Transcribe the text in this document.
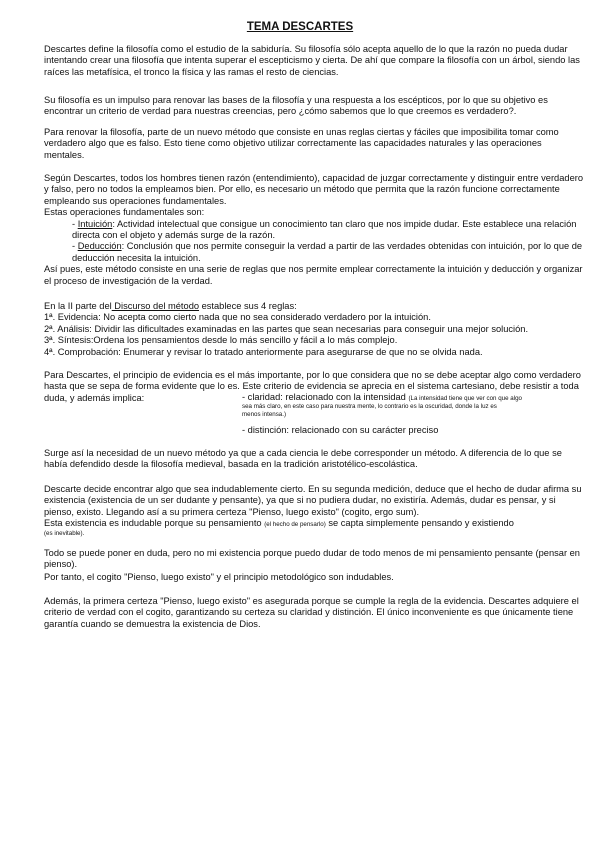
TEMA DESCARTES

Descartes define la filosofía como el estudio de la sabiduría. Su filosofía sólo acepta aquello de lo que la razón no pueda dudar intentando crear una filosofía que intenta superar el escepticismo y cierta. De ahí que compare la filosofía con un árbol, siendo las raíces las metafísica, el tronco la física y las ramas el resto de ciencias.

Su filosofía es un impulso para renovar las bases de la filosofía y una respuesta a los escépticos, por lo que su objetivo es encontrar un criterio de verdad para nuestras creencias, pero ¿cómo sabemos que lo que creemos es verdadero?.

Para renovar la filosofía, parte de un nuevo método que consiste en unas reglas ciertas y fáciles que imposibilita tomar como verdadero algo que es falso. Esto tiene como objetivo utilizar correctamente las capacidades naturales y las operaciones mentales.

Según Descartes, todos los hombres tienen razón (entendimiento), capacidad de juzgar correctamente y distinguir entre verdadero y falso, pero no todos la empleamos bien. Por ello, es necesario un método que permita que la razón funcione correctamente empleando sus operaciones fundamentales.

Estas operaciones fundamentales son:

- Intuición: Actividad intelectual que consigue un conocimiento tan claro que nos impide dudar. Este establece una relación directa con el objeto y además surge de la razón.

- Deducción: Conclusión que nos permite conseguir la verdad a partir de las verdades obtenidas con intuición, por lo que de deducción necesita la intuición.

Así pues, este método consiste en una serie de reglas que nos permite emplear correctamente la intuición y deducción y organizar el proceso de investigación de la verdad.

En la II parte del Discurso del método establece sus 4 reglas:

1ª. Evidencia: No acepta como cierto nada que no sea considerado verdadero por la intuición.

2ª. Análisis: Dividir las dificultades examinadas en las partes que sean necesarias para conseguir una mejor solución.

3ª. Síntesis:Ordena los pensamientos desde lo más sencillo y fácil a lo más complejo.

4ª. Comprobación: Enumerar y revisar lo tratado anteriormente para asegurarse de que no se olvida nada.

Para Descartes, el principio de evidencia es el más importante, por lo que considera que no se debe aceptar algo como verdadero hasta que se sepa de forma evidente que lo es. Este criterio de evidencia se aprecia en el sistema cartesiano, debe resistir a toda duda, y además implica:	- claridad: relacionado con la intensidad (La intensidad tiene que ver con que algo
sea más claro, en este caso para nuestra mente, lo contrario es la oscuridad, donde la luz es
menos intensa.)

- distinción: relacionado con su carácter preciso

Surge así la necesidad de un nuevo método ya que a cada ciencia le debe corresponder un método. A diferencia de lo que se había defendido desde la filosofía medieval, basada en la tradición aristotélico-escolástica.

Descarte decide encontrar algo que sea indudablemente cierto. En su segunda medición, deduce que el hecho de dudar afirma su existencia (existencia de un ser dudante y pensante), ya que si no pudiera dudar, no existiría. Además, dudar es pensar, y si pienso, existo. Llegando así a su primera certeza "Pienso, luego existo" (cogito, ergo sum).

Esta existencia es indudable porque su pensamiento (el hecho de pensarlo) se capta simplemente pensando y existiendo

(es inevitable).

Todo se puede poner en duda, pero no mi existencia porque puedo dudar de todo menos de mi pensamiento pensante (pensar en pienso).

Por tanto, el cogito "Pienso, luego existo" y el principio metodológico son indudables.

Además, la primera certeza "Pienso, luego existo" es asegurada porque se cumple la regla de la evidencia. Descartes adquiere el criterio de verdad con el cogito, garantizando su certeza su claridad y distinción. El único inconveniente es que únicamente tiene garantía cuando se demuestra la existencia de Dios.
